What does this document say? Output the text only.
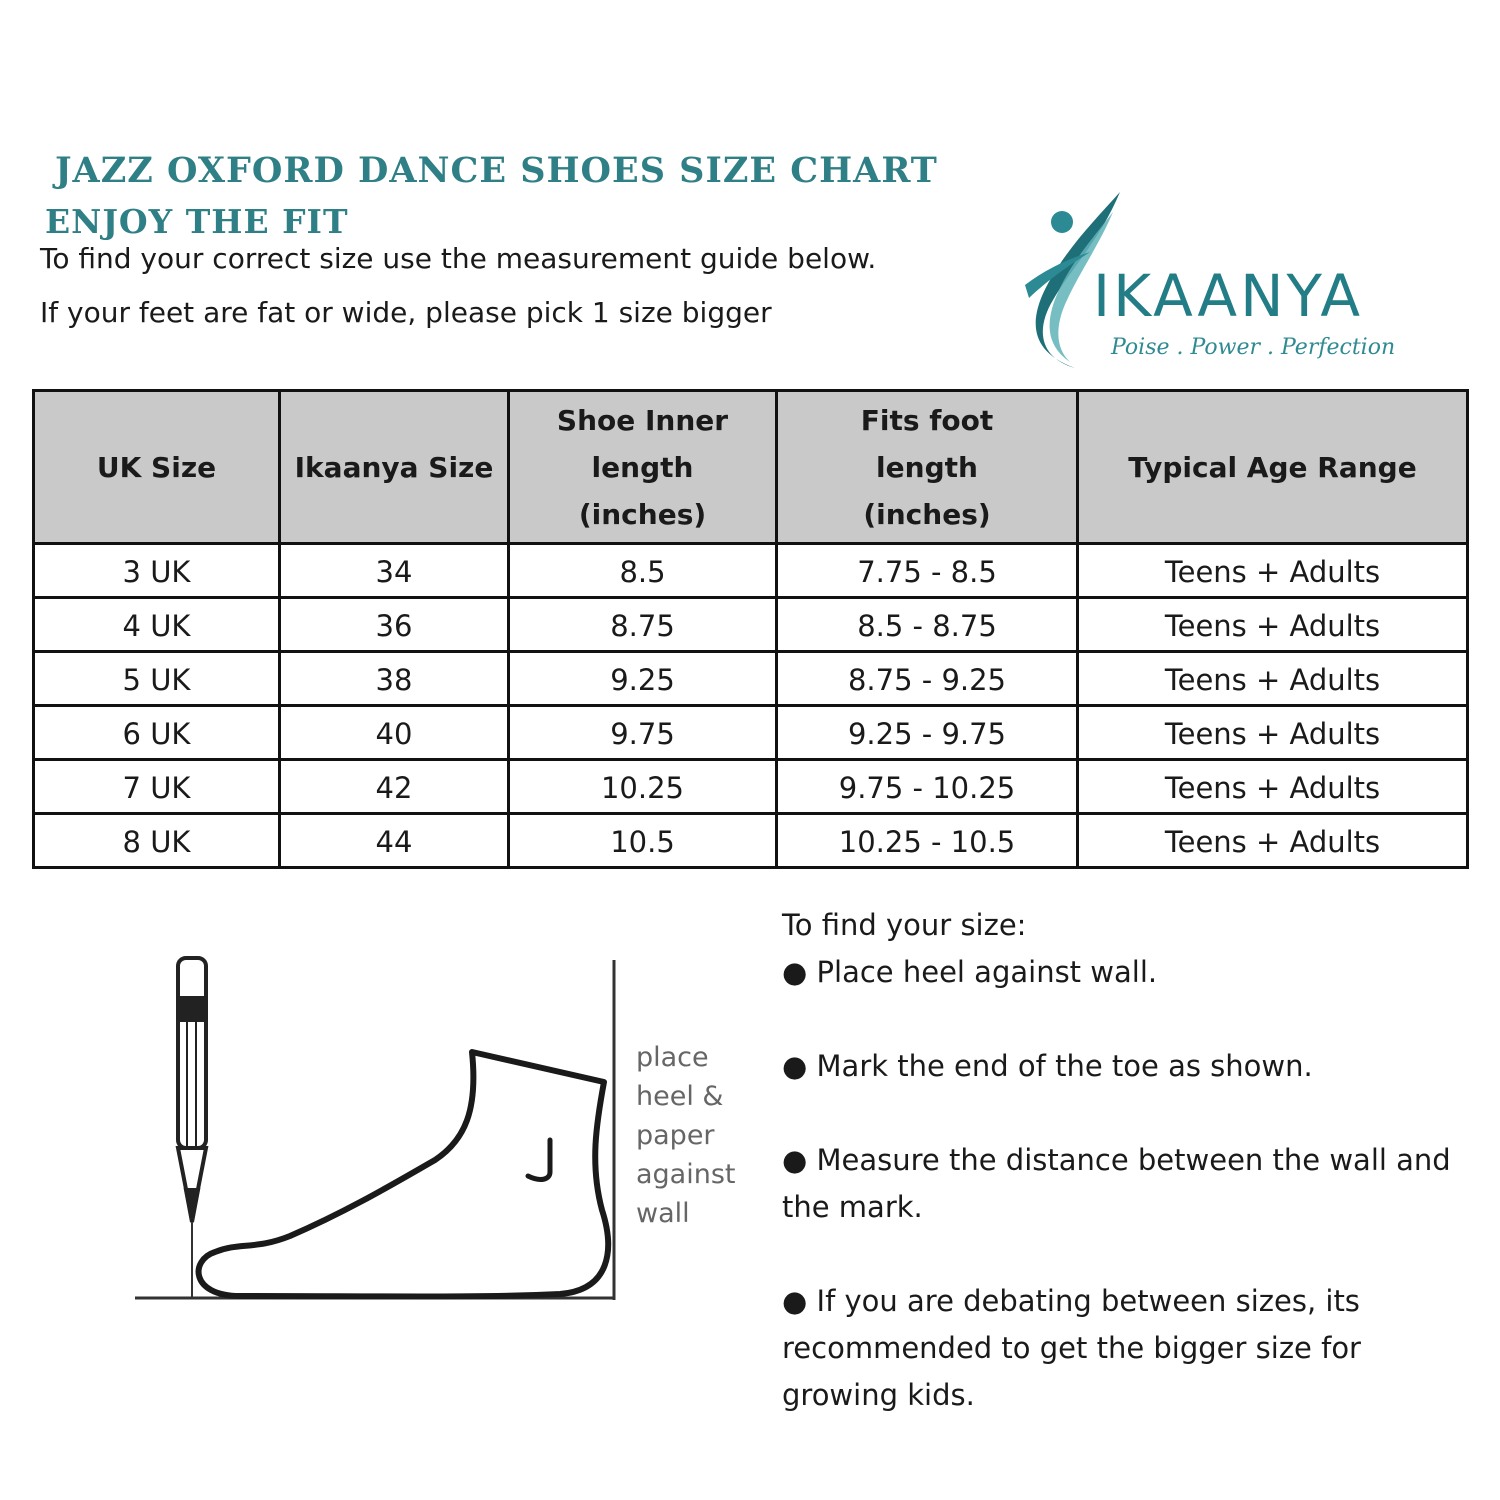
JAZZ OXFORD DANCE SHOES SIZE CHART
ENJOY THE FIT
To find your correct size use the measurement guide below.
If your feet are fat or wide, please pick 1 size bigger	IKAANYA
Poise . Power . Perfection
UK Size	Ikaanya Size	Shoe Inner length (inches)	Fits foot length (inches)	Typical Age Range
3 UK	34	8.5	7.75 - 8.5	Teens + Adults
4 UK	36	8.75	8.5 - 8.75	Teens + Adults
5 UK	38	9.25	8.75 - 9.25	Teens + Adults
6 UK	40	9.75	9.25 - 9.75	Teens + Adults
7 UK	42	10.25	9.75 - 10.25	Teens + Adults
8 UK	44	10.5	10.25 - 10.5	Teens + Adults
place
heel &
paper
against
wall

To find your size:

● Place heel against wall.

● Mark the end of the toe as shown.

● Measure the distance between the wall and

the mark.

● If you are debating between sizes, its

recommended to get the bigger size for

growing kids.
